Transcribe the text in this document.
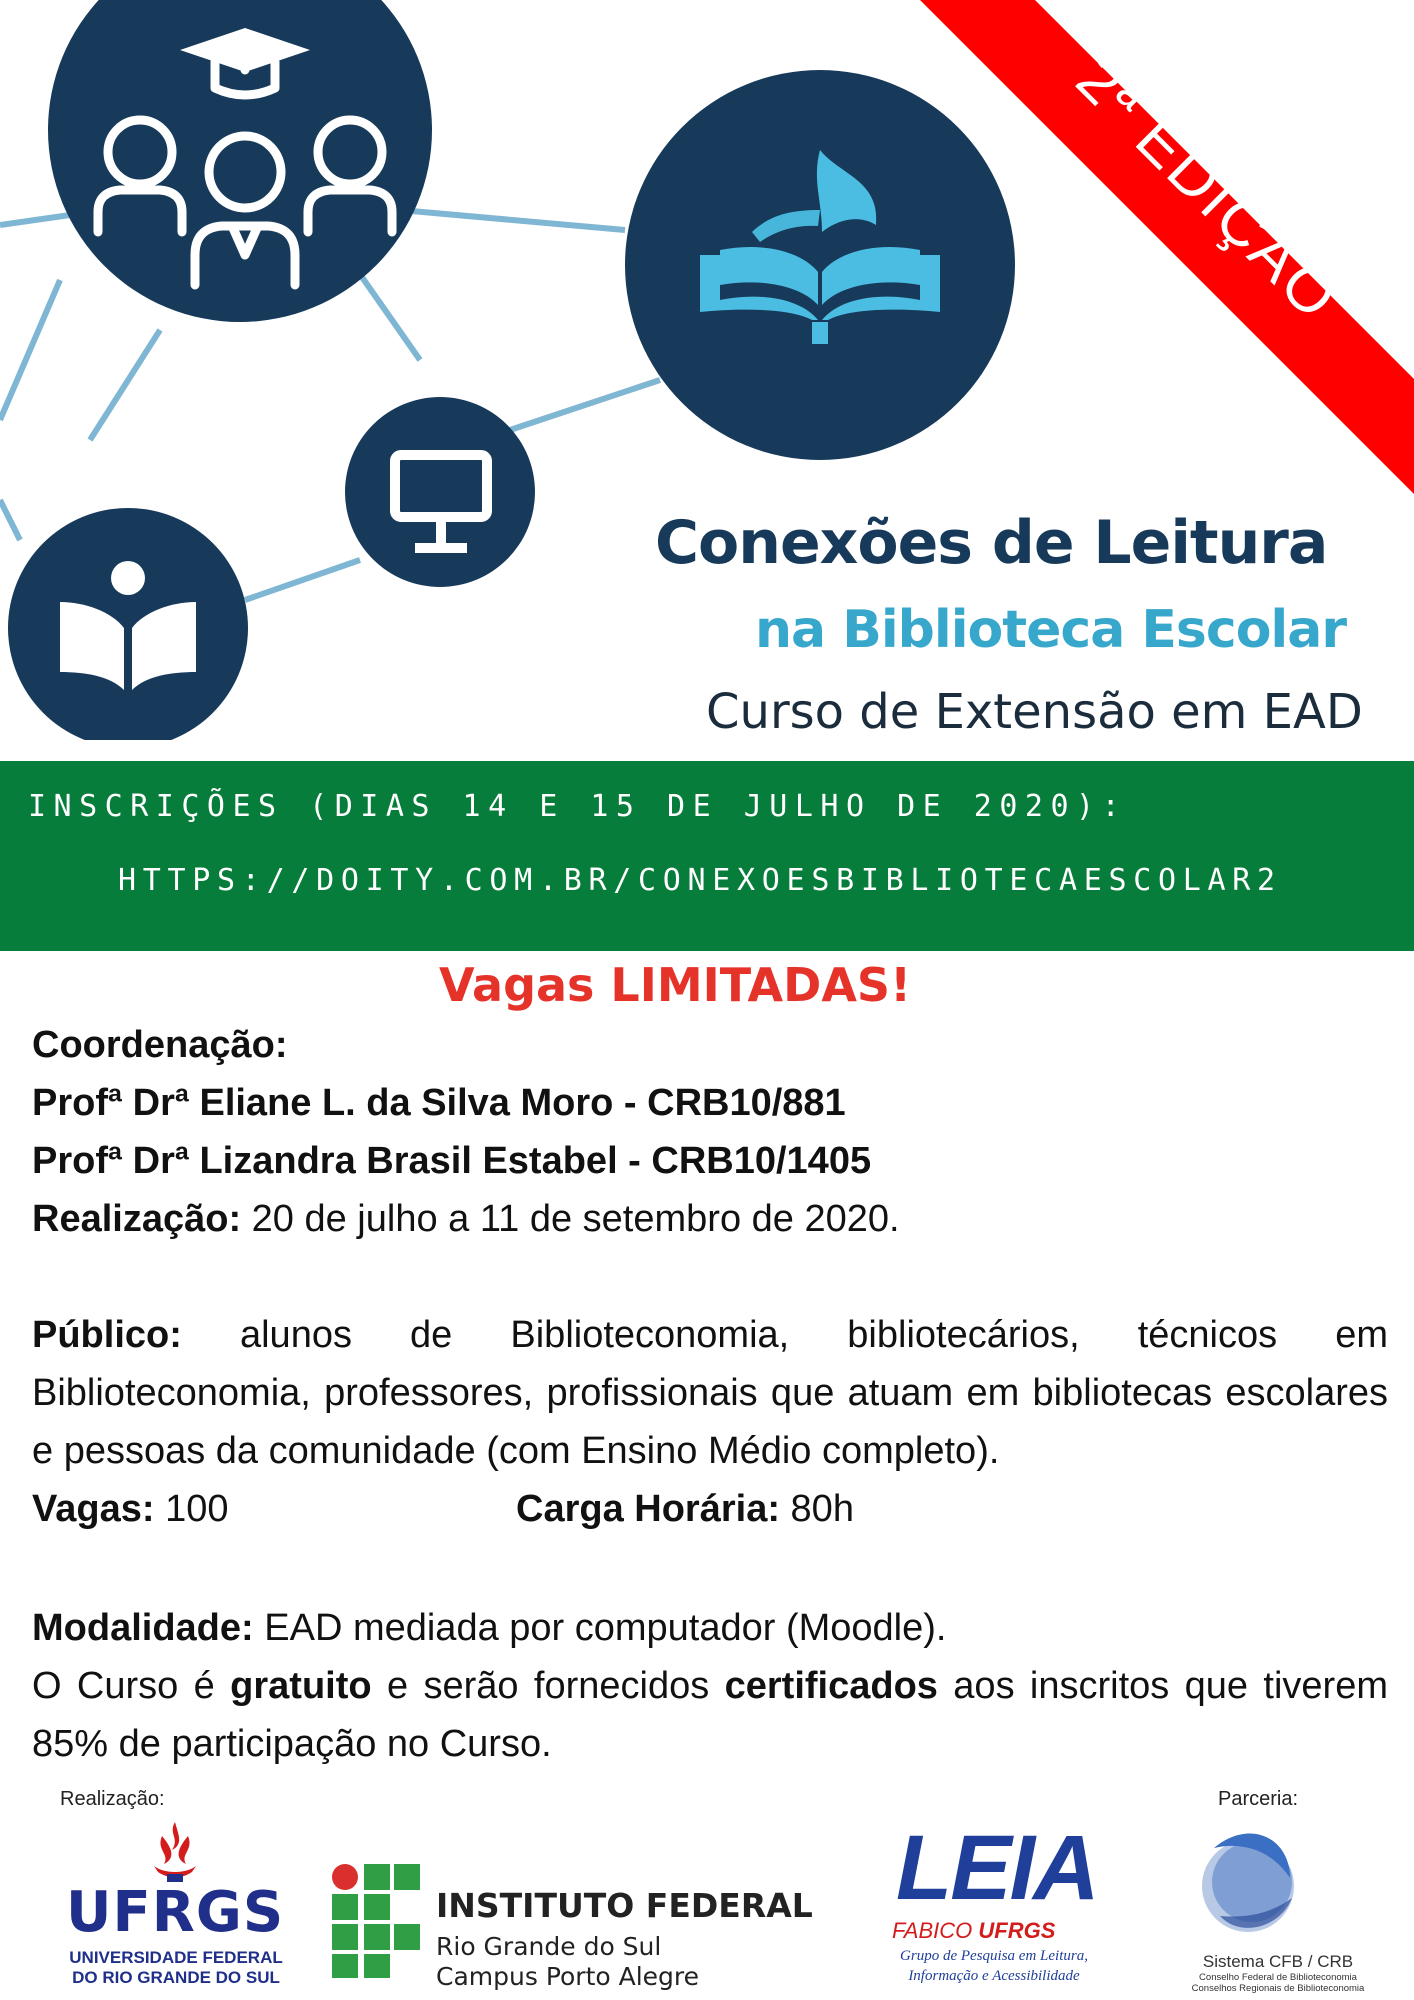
2ª EDIÇÃO
Conexões de Leitura
na Biblioteca Escolar
Curso de Extensão em EAD
INSCRIÇÕES (DIAS 14 E 15 DE JULHO DE 2020):
HTTPS://DOITY.COM.BR/CONEXOESBIBLIOTECAESCOLAR2
Vagas LIMITADAS!
Coordenação:
Profª Drª Eliane L. da Silva Moro - CRB10/881
Profª Drª Lizandra Brasil Estabel - CRB10/1405
Realização: 20 de julho a 11 de setembro de 2020.
Público: alunos de Biblioteconomia, bibliotecários, técnicos em Biblioteconomia, professores, profissionais que atuam em bibliotecas escolares e pessoas da comunidade (com Ensino Médio completo).
Vagas: 100	Carga Horária: 80h
Modalidade: EAD mediada por computador (Moodle).
O Curso é gratuito e serão fornecidos certificados aos inscritos que tiverem 85% de participação no Curso.
Realização:	Parceria:
UFRGS
UNIVERSIDADE FEDERAL
DO RIO GRANDE DO SUL
INSTITUTO FEDERAL
Rio Grande do Sul
Campus Porto Alegre
LEIA
FABICO UFRGS
Grupo de Pesquisa em Leitura,
Informação e Acessibilidade
Sistema CFB / CRB
Conselho Federal de Biblioteconomia
Conselhos Regionais de Biblioteconomia
